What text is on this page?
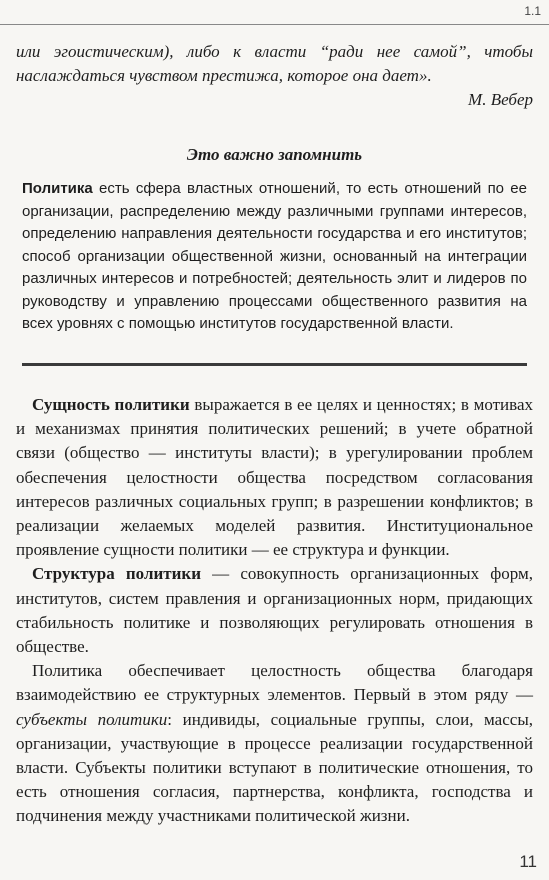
1.1

или эгоистическим), либо к власти “ради нее самой”, чтобы наслаждаться чувством престижа, которое она дает».

М. Вебер

Это важно запомнить

Политика есть сфера властных отношений, то есть отношений по ее организации, распределению между различными группами интересов, определению направления деятельности государства и его институтов; способ организации общественной жизни, основанный на интеграции различных интересов и потребностей; деятельность элит и лидеров по руководству и управлению процессами общественного развития на всех уровнях с помощью институтов государственной власти.

Сущность политики выражается в ее целях и ценностях; в мотивах и механизмах принятия политических решений; в учете обратной связи (общество — институты власти); в урегулировании проблем обеспечения целостности общества посредством согласования интересов различных социальных групп; в разрешении конфликтов; в реализации желаемых моделей развития. Институциональное проявление сущности политики — ее структура и функции.

Структура политики — совокупность организационных форм, институтов, систем правления и организационных норм, придающих стабильность политике и позволяющих регулировать отношения в обществе.

Политика обеспечивает целостность общества благодаря взаимодействию ее структурных элементов. Первый в этом ряду — субъекты политики: индивиды, социальные группы, слои, массы, организации, участвующие в процессе реализации государственной власти. Субъекты политики вступают в политические отношения, то есть отношения согласия, партнерства, конфликта, господства и подчинения между участниками политической жизни.

11
